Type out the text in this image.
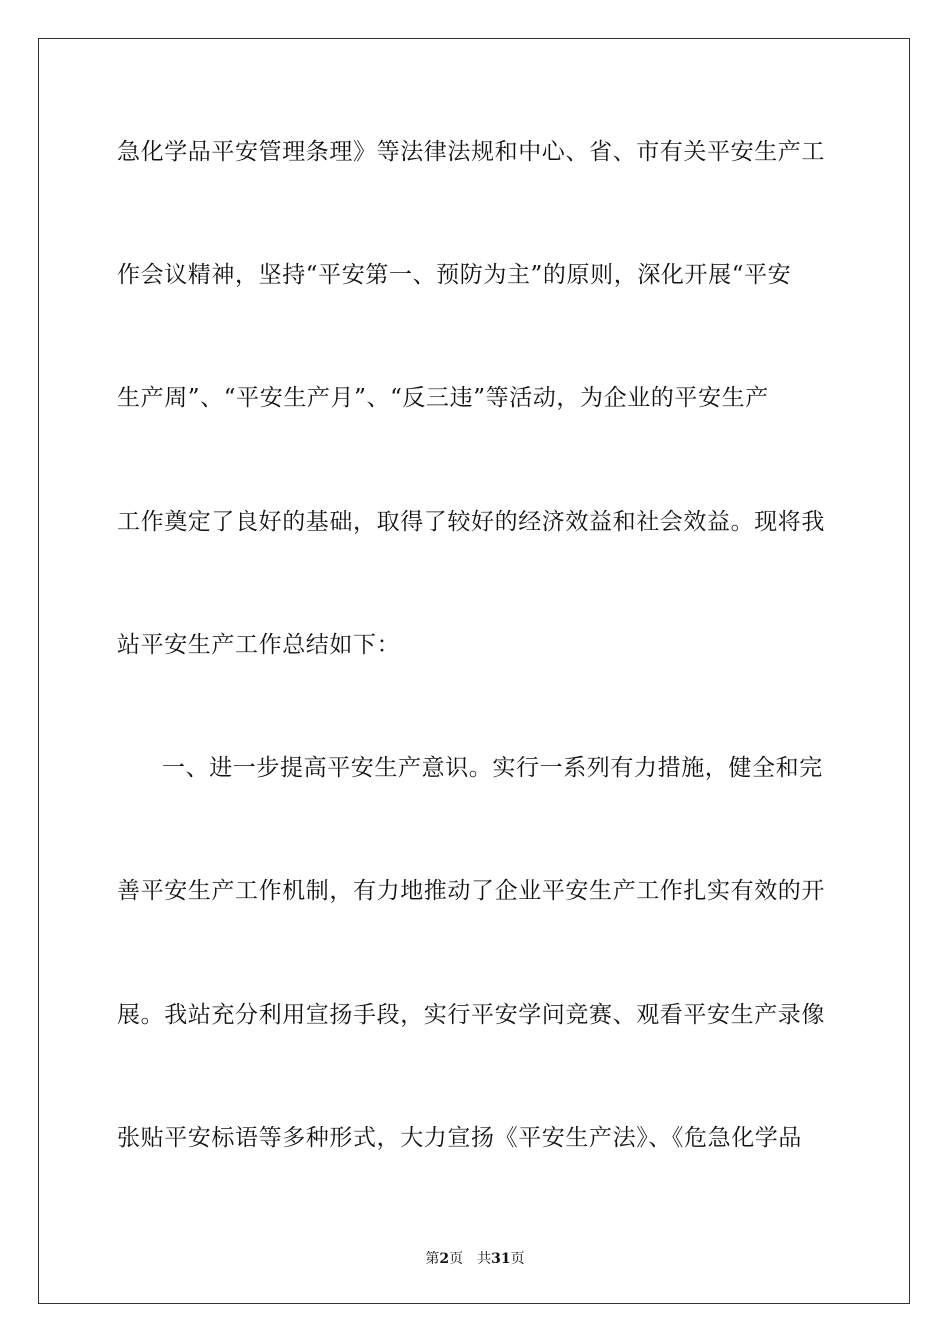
急化学品平安管理条理》等法律法规和中心、省、市有关平安生产工
作会议精神，坚持“平安第一、预防为主”的原则，深化开展“平安
生产周”、“平安生产月”、“反三违”等活动，为企业的平安生产
工作奠定了良好的基础，取得了较好的经济效益和社会效益。现将我
站平安生产工作总结如下：
一、进一步提高平安生产意识。实行一系列有力措施，健全和完
善平安生产工作机制，有力地推动了企业平安生产工作扎实有效的开
展。我站充分利用宣扬手段，实行平安学问竞赛、观看平安生产录像
张贴平安标语等多种形式，大力宣扬《平安生产法》、《危急化学品
第2页 共31页
